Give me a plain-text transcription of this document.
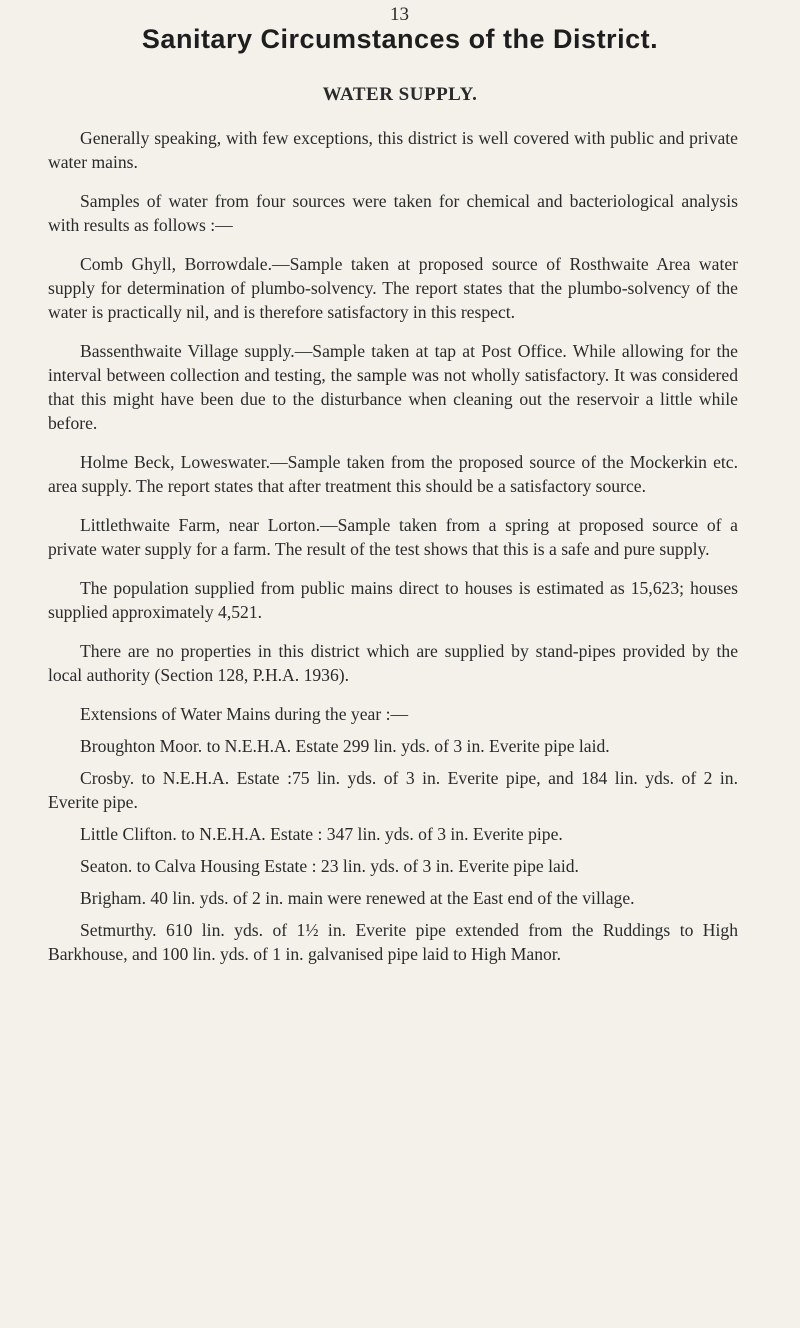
13
Sanitary Circumstances of the District.
WATER SUPPLY.

Generally speaking, with few exceptions, this district is well covered with public and private water mains.

Samples of water from four sources were taken for chemical and bacteriological analysis with results as follows :—

Comb Ghyll, Borrowdale.—Sample taken at proposed source of Rosthwaite Area water supply for determination of plumbo-solvency. The report states that the plumbo-solvency of the water is practically nil, and is therefore satisfactory in this respect.

Bassenthwaite Village supply.—Sample taken at tap at Post Office. While allowing for the interval between collection and testing, the sample was not wholly satisfactory. It was considered that this might have been due to the disturbance when cleaning out the reservoir a little while before.

Holme Beck, Loweswater.—Sample taken from the proposed source of the Mockerkin etc. area supply. The report states that after treatment this should be a satisfactory source.

Littlethwaite Farm, near Lorton.—Sample taken from a spring at proposed source of a private water supply for a farm. The result of the test shows that this is a safe and pure supply.

The population supplied from public mains direct to houses is estimated as 15,623; houses supplied approximately 4,521.

There are no properties in this district which are supplied by stand-pipes provided by the local authority (Section 128, P.H.A. 1936).

Extensions of Water Mains during the year :—

Broughton Moor. to N.E.H.A. Estate 299 lin. yds. of 3 in. Everite pipe laid.

Crosby. to N.E.H.A. Estate :75 lin. yds. of 3 in. Everite pipe, and 184 lin. yds. of 2 in. Everite pipe.

Little Clifton. to N.E.H.A. Estate : 347 lin. yds. of 3 in. Everite pipe.

Seaton. to Calva Housing Estate : 23 lin. yds. of 3 in. Everite pipe laid.

Brigham. 40 lin. yds. of 2 in. main were renewed at the East end of the village.

Setmurthy. 610 lin. yds. of 1½ in. Everite pipe extended from the Ruddings to High Barkhouse, and 100 lin. yds. of 1 in. galvanised pipe laid to High Manor.
